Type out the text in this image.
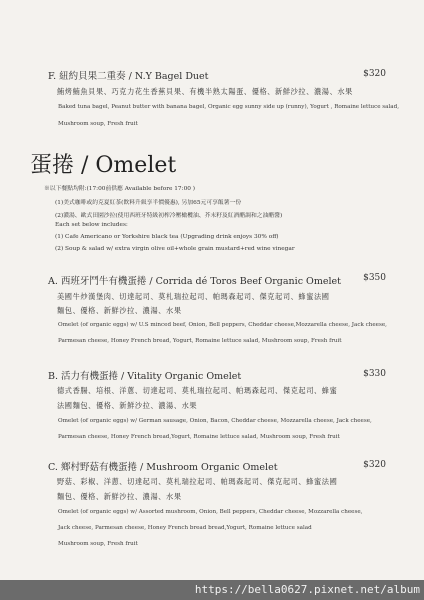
F. 紐約貝果二重奏 / N.Y Bagel Duet	$320
鮪烤鮪魚貝果、巧克力花生香蕉貝果、有機半熟太陽蛋、優格、新鮮沙拉、濃湯、水果
Baked tuna bagel, Peanut butter with banana bagel, Organic egg sunny side up (runny), Yogurt , Romaine lettuce salad,
Mushroom soup, Fresh fruit
蛋捲 / Omelet
※以下餐點均附:(17:00前供應 Available before 17:00 )
(1)美式咖啡或約克夏紅茶(飲料升級享半價優惠), 另加65元可享飯薯一份
(2)濃湯、歐式田園沙拉(使用西班牙特級初榨冷壓橄欖油、芥末籽及紅酒醋調和之油醋醬)
Each set below includes:
(1) Cafe Americano or Yorkshire black tea (Upgrading drink enjoys 30% off)
(2) Soup & salad w/ extra virgin olive oil+whole grain mustard+red wine vinegar
A. 西班牙鬥牛有機蛋捲 / Corrida dé Toros Beef Organic Omelet $350
美國牛炒漢堡肉、切達起司、莫札瑞拉起司、帕瑪森起司、傑克起司、蜂蜜法國
麵包、優格、新鮮沙拉、濃湯、水果
Omelet (of organic eggs) w/ U.S minced beef, Onion, Bell peppers, Cheddar cheese,Mozzarella cheese, Jack cheese,
Parmesan cheese, Honey French bread, Yogurt, Romaine lettuce salad, Mushroom soup, Fresh fruit
B. 活力有機蛋捲 / Vitality Organic Omelet	$330
德式香腸、培根、洋蔥、切達起司、莫札瑞拉起司、帕瑪森起司、傑克起司、蜂蜜
法國麵包、優格、新鮮沙拉、濃湯、水果
Omelet (of organic eggs) w/ German sausage, Onion, Bacon, Cheddar cheese, Mozzarella cheese, Jack cheese,
Parmesan cheese, Honey French bread,Yogurt, Romaine lettuce salad, Mushroom soup, Fresh fruit
C. 鄉村野菇有機蛋捲 / Mushroom Organic Omelet	$320
野菇、彩椒、洋蔥、切達起司、莫札瑞拉起司、帕瑪森起司、傑克起司、蜂蜜法國
麵包、優格、新鮮沙拉、濃湯、水果
Omelet (of organic eggs) w/ Assorted mushroom, Onion, Bell peppers, Cheddar cheese, Mozzarella cheese,
Jack cheese, Parmesan cheese, Honey French bread bread,Yogurt, Romaine lettuce salad
Mushroom soup, Fresh fruit
https://bella0627.pixnet.net/album
